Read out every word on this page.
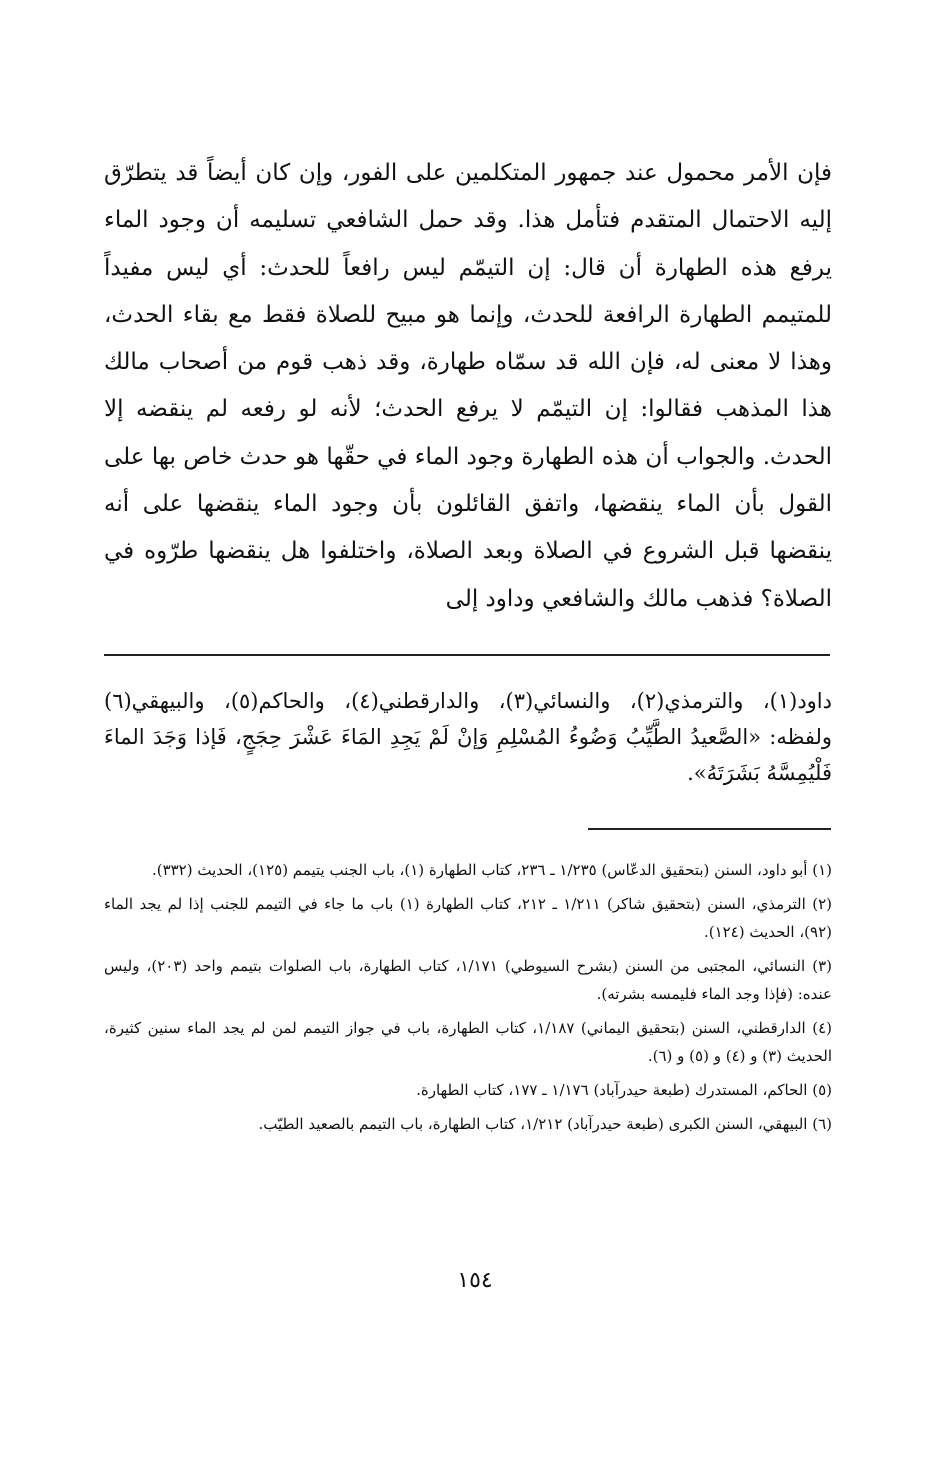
فإن الأمر محمول عند جمهور المتكلمين على الفور، وإن كان أيضاً قد يتطرّق إليه الاحتمال المتقدم فتأمل هذا. وقد حمل الشافعي تسليمه أن وجود الماء يرفع هذه الطهارة أن قال: إن التيمّم ليس رافعاً للحدث: أي ليس مفيداً للمتيمم الطهارة الرافعة للحدث، وإنما هو مبيح للصلاة فقط مع بقاء الحدث، وهذا لا معنى له، فإن الله قد سمّاه طهارة، وقد ذهب قوم من أصحاب مالك هذا المذهب فقالوا: إن التيمّم لا يرفع الحدث؛ لأنه لو رفعه لم ينقضه إلا الحدث. والجواب أن هذه الطهارة وجود الماء في حقّها هو حدث خاص بها على القول بأن الماء ينقضها، واتفق القائلون بأن وجود الماء ينقضها على أنه ينقضها قبل الشروع في الصلاة وبعد الصلاة، واختلفوا هل ينقضها طرّوه في الصلاة؟ فذهب مالك والشافعي وداود إلى

داود(١)، والترمذي(٢)، والنسائي(٣)، والدارقطني(٤)، والحاكم(٥)، والبيهقي(٦) ولفظه: «الصَّعيدُ الطَّيِّبُ وَضُوءُ المُسْلِمِ وَإنْ لَمْ يَجِدِ المَاءَ عَشْرَ حِجَجٍ، فَإذا وَجَدَ الماءَ فَلْيُمِسَّهُ بَشَرَتَهُ».

(١) أبو داود، السنن (بتحقيق الدعّاس) ١/٢٣٥ ـ ٢٣٦، كتاب الطهارة (١)، باب الجنب يتيمم (١٢٥)، الحديث (٣٣٢).
(٢) الترمذي، السنن (بتحقيق شاكر) ١/٢١١ ـ ٢١٢، كتاب الطهارة (١) باب ما جاء في التيمم للجنب إذا لم يجد الماء (٩٢)، الحديث (١٢٤).
(٣) النسائي، المجتبى من السنن (بشرح السيوطي) ١/١٧١، كتاب الطهارة، باب الصلوات بتيمم واحد (٢٠٣)، وليس عنده: (فإذا وجد الماء فليمسه بشرته).
(٤) الدارقطني، السنن (بتحقيق اليماني) ١/١٨٧، كتاب الطهارة، باب في جواز التيمم لمن لم يجد الماء سنين كثيرة، الحديث (٣) و (٤) و (٥) و (٦).
(٥) الحاكم، المستدرك (طبعة حيدرآباد) ١/١٧٦ ـ ١٧٧، كتاب الطهارة.
(٦) البيهقي، السنن الكبرى (طبعة حيدرآباد) ١/٢١٢، كتاب الطهارة، باب التيمم بالصعيد الطيّب.
١٥٤
